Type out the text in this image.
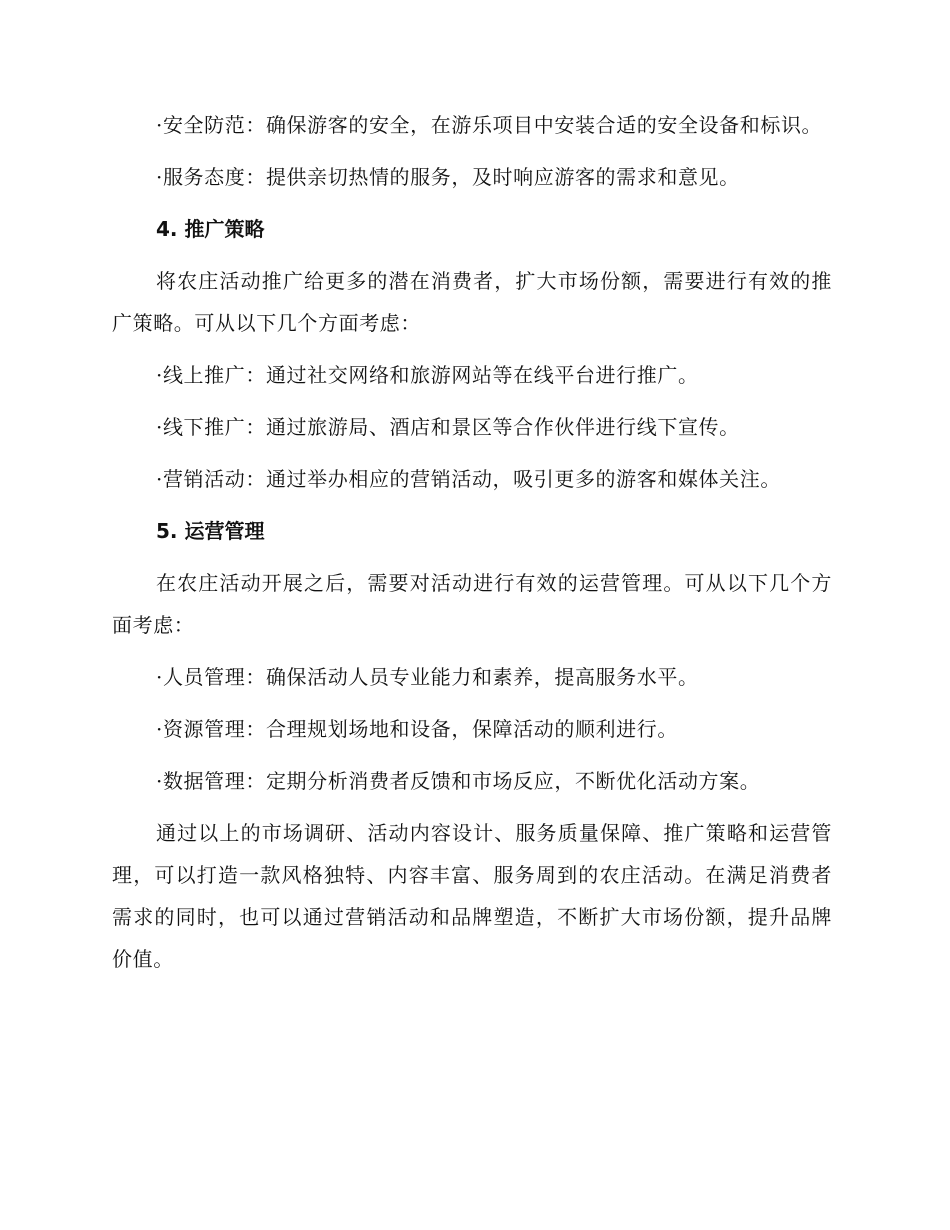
·安全防范：确保游客的安全，在游乐项目中安装合适的安全设备和标识。

·服务态度：提供亲切热情的服务，及时响应游客的需求和意见。

4. 推广策略

将农庄活动推广给更多的潜在消费者，扩大市场份额，需要进行有效的推广策略。可从以下几个方面考虑：

·线上推广：通过社交网络和旅游网站等在线平台进行推广。

·线下推广：通过旅游局、酒店和景区等合作伙伴进行线下宣传。

·营销活动：通过举办相应的营销活动，吸引更多的游客和媒体关注。

5. 运营管理

在农庄活动开展之后，需要对活动进行有效的运营管理。可从以下几个方面考虑：

·人员管理：确保活动人员专业能力和素养，提高服务水平。

·资源管理：合理规划场地和设备，保障活动的顺利进行。

·数据管理：定期分析消费者反馈和市场反应，不断优化活动方案。

通过以上的市场调研、活动内容设计、服务质量保障、推广策略和运营管理，可以打造一款风格独特、内容丰富、服务周到的农庄活动。在满足消费者需求的同时，也可以通过营销活动和品牌塑造，不断扩大市场份额，提升品牌价值。
